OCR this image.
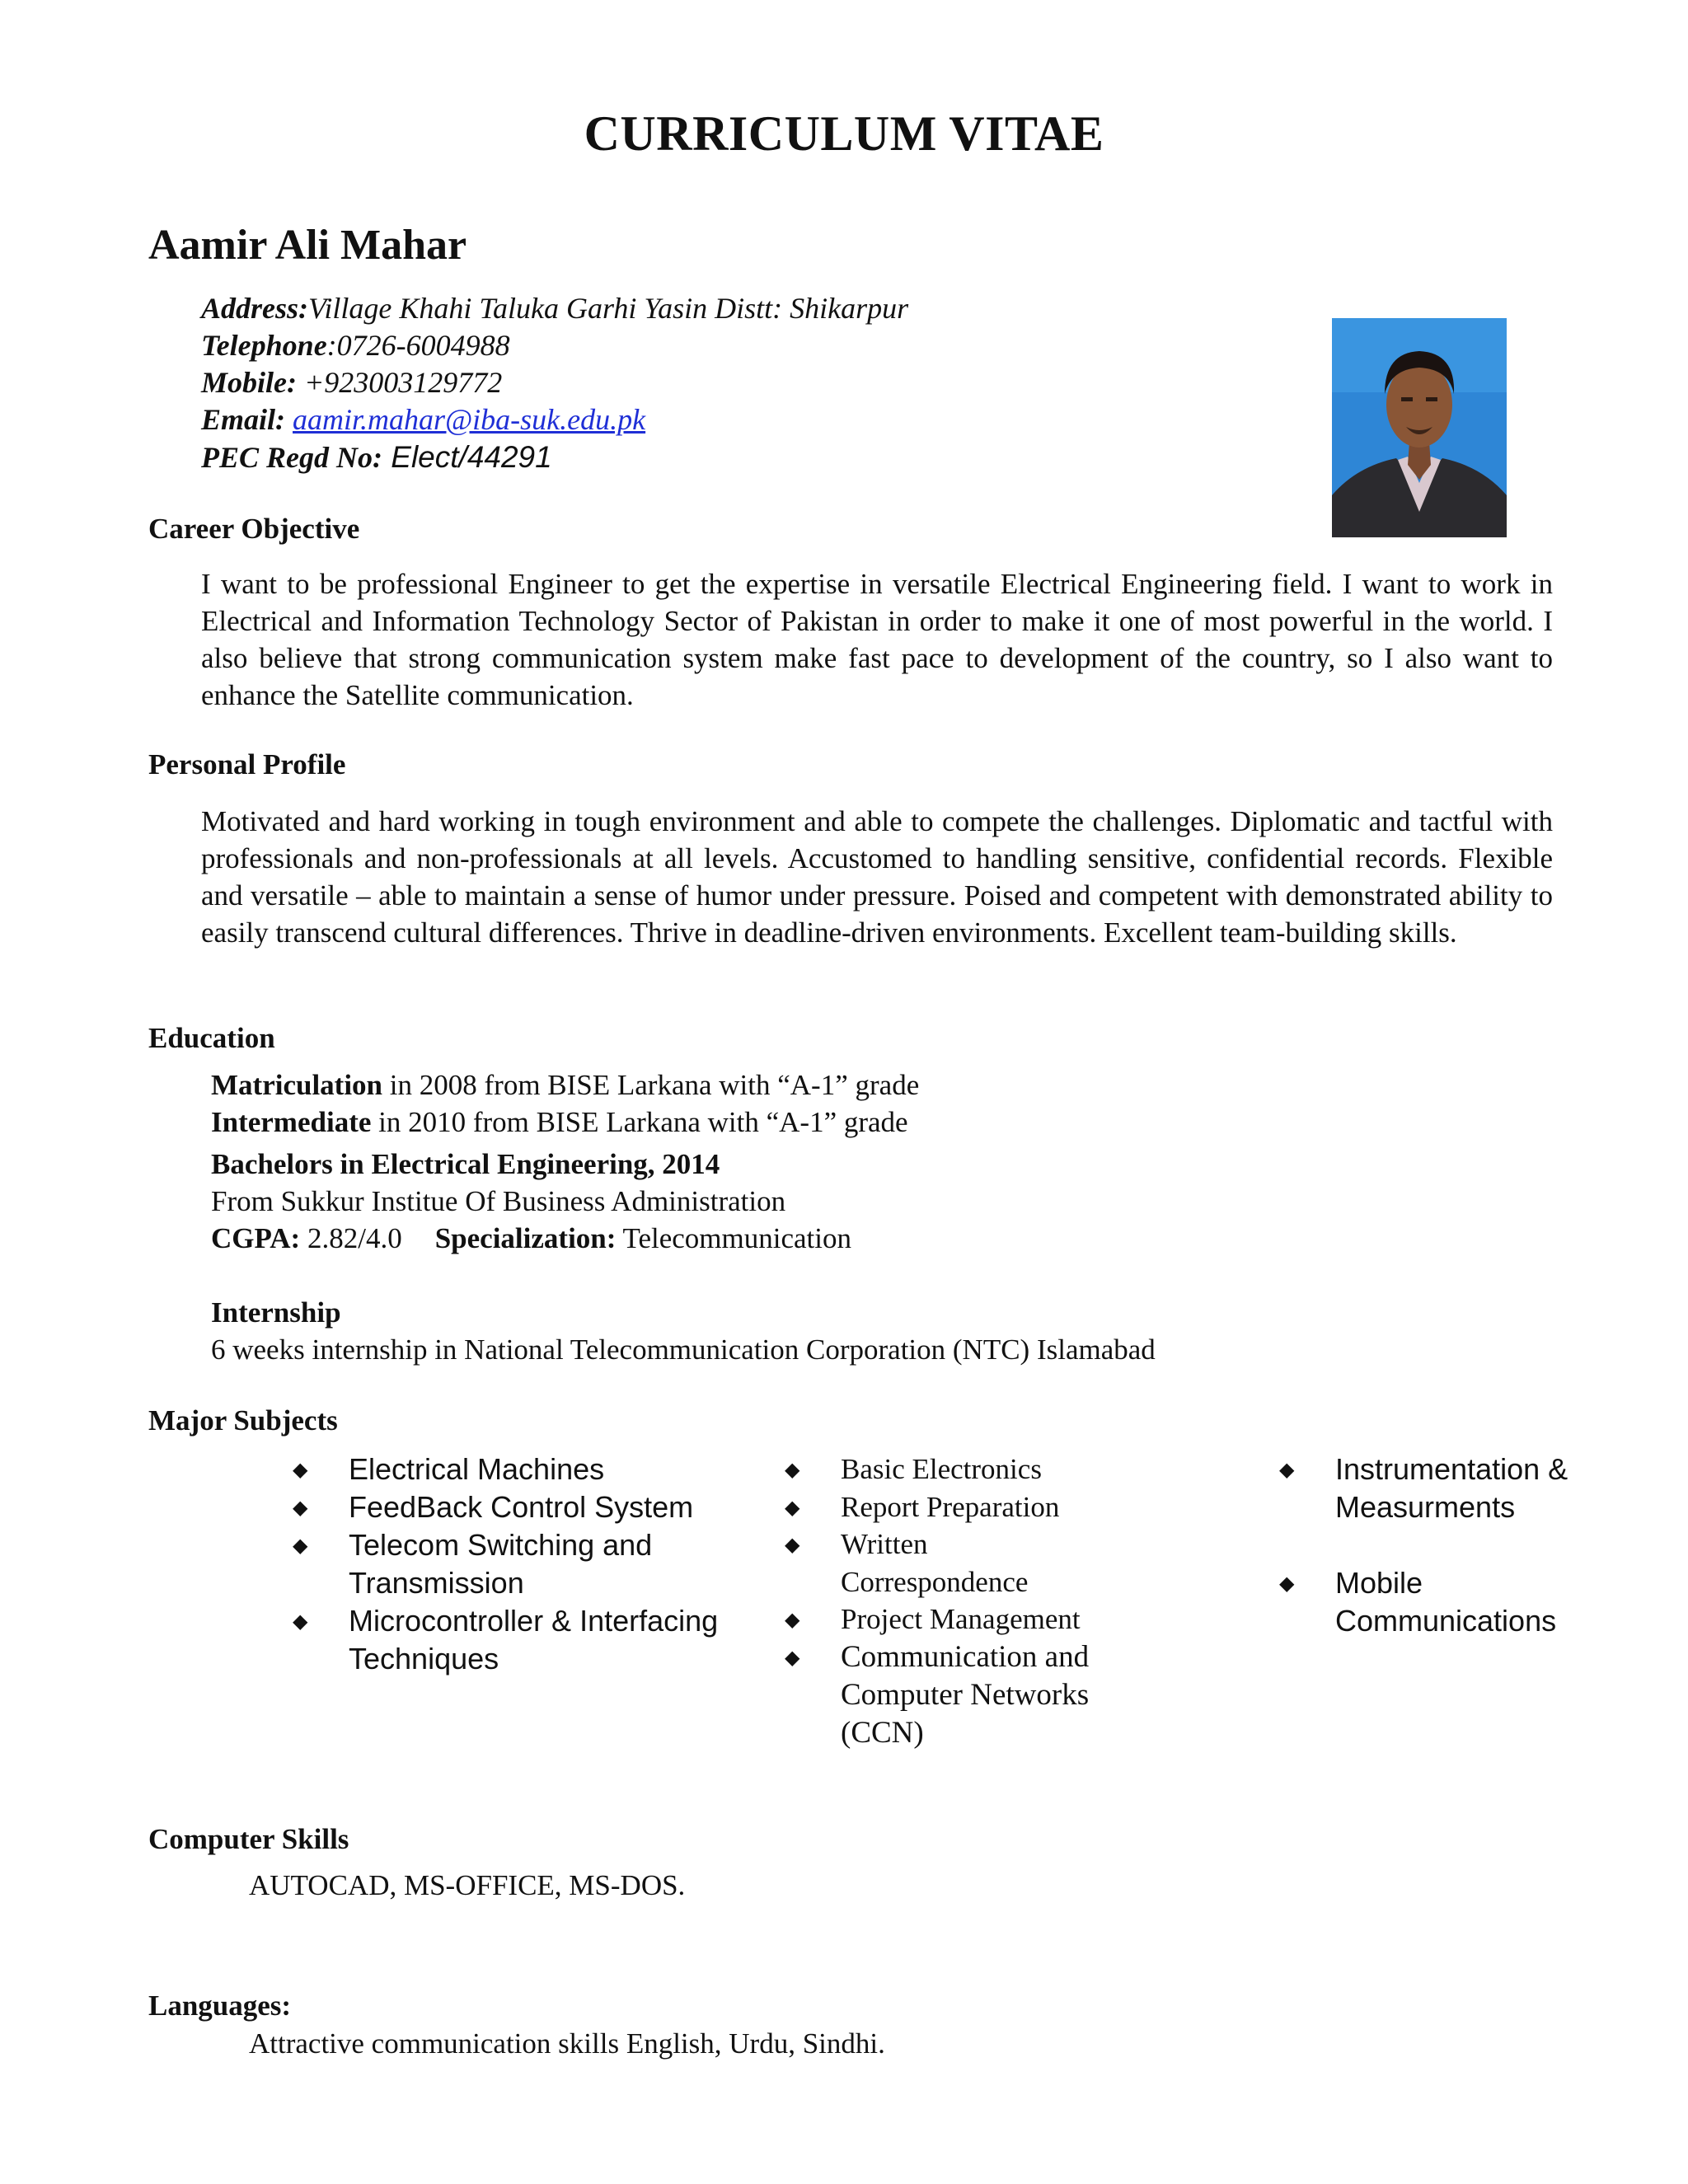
CURRICULUM VITAE
Aamir Ali Mahar
Address:Village Khahi Taluka Garhi Yasin Distt: Shikarpur
Telephone:0726-6004988
Mobile: +923003129772
Email: aamir.mahar@iba-suk.edu.pk
PEC Regd No: Elect/44291
Career Objective
I want to be professional Engineer to get the expertise in versatile Electrical Engineering field. I want to work in Electrical and Information Technology Sector of Pakistan in order to make it one of most powerful in the world. I also believe that strong communication system make fast pace to development of the country, so I also want to enhance the Satellite communication.
Personal Profile
Motivated and hard working in tough environment and able to compete the challenges. Diplomatic and tactful with professionals and non-professionals at all levels. Accustomed to handling sensitive, confidential records. Flexible and versatile – able to maintain a sense of humor under pressure. Poised and competent with demonstrated ability to easily transcend cultural differences. Thrive in deadline-driven environments. Excellent team-building skills.
Education
Matriculation in 2008 from BISE Larkana with “A-1” grade
Intermediate in 2010 from BISE Larkana with “A-1” grade
Bachelors in Electrical Engineering, 2014
From Sukkur Institue Of Business Administration
CGPA: 2.82/4.0 Specialization: Telecommunication
Internship
6 weeks internship in National Telecommunication Corporation (NTC) Islamabad
Major Subjects
◆ Electrical Machines
◆ FeedBack Control System
◆ Telecom Switching and Transmission
◆ Microcontroller & Interfacing Techniques
◆ Basic Electronics
◆ Report Preparation
◆ Written Correspondence
◆ Project Management
◆ Communication and Computer Networks (CCN)
◆ Instrumentation & Measurments
◆ Mobile Communications
Computer Skills
AUTOCAD, MS-OFFICE, MS-DOS.
Languages:
Attractive communication skills English, Urdu, Sindhi.
